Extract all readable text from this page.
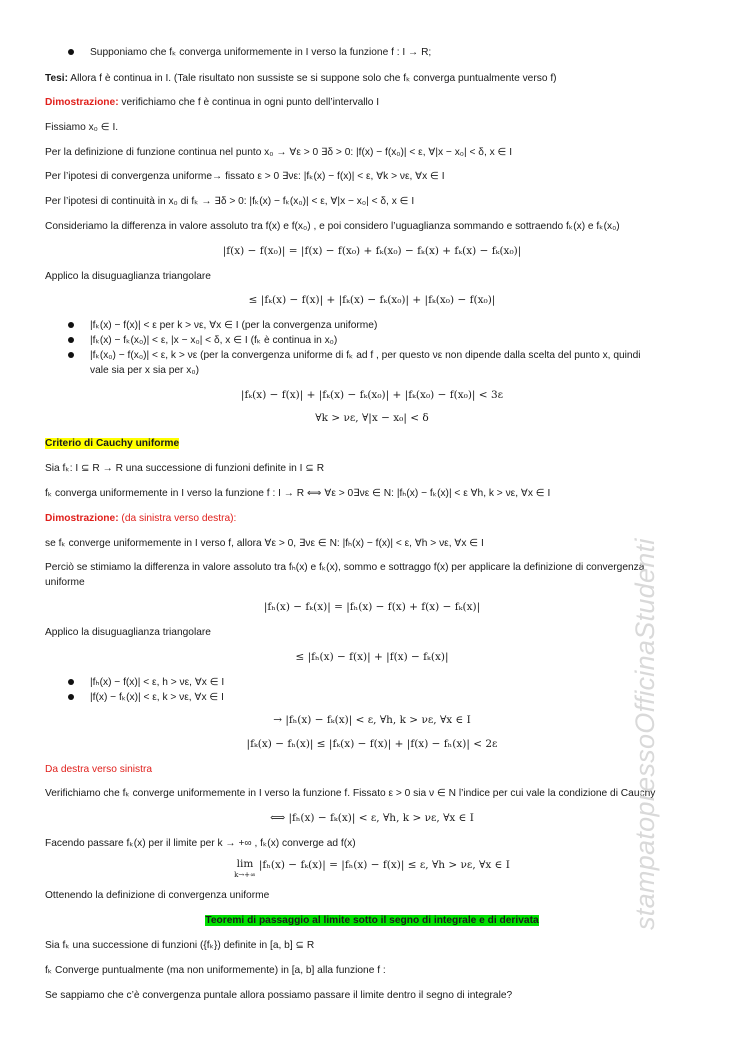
Supponiamo che fₖ converga uniformemente in I verso la funzione f : I → R;
Tesi: Allora f è continua in I. (Tale risultato non sussiste se si suppone solo che fₖ converga puntualmente verso f)
Dimostrazione: verifichiamo che f è continua in ogni punto dell’intervallo I
Fissiamo x₀ ∈ I.
Per la definizione di funzione continua nel punto x₀ → ∀ε > 0 ∃δ > 0: |f(x) − f(x₀)| < ε, ∀|x − x₀| < δ, x ∈ I
Per l’ipotesi di convergenza uniforme→ fissato ε > 0 ∃νε: |fₖ(x) − f(x)| < ε, ∀k > νε, ∀x ∈ I
Per l’ipotesi di continuità in x₀ di fₖ → ∃δ > 0: |fₖ(x) − fₖ(x₀)| < ε, ∀|x − x₀| < δ, x ∈ I
Consideriamo la differenza in valore assoluto tra f(x) e f(x₀) , e poi considero l’uguaglianza sommando e sottraendo fₖ(x) e fₖ(x₀)
|f(x) − f(x₀)| = |f(x) − f(x₀) + fₖ(x₀) − fₖ(x) + fₖ(x) − fₖ(x₀)|
Applico la disuguaglianza triangolare
≤ |fₖ(x) − f(x)| + |fₖ(x) − fₖ(x₀)| + |fₖ(x₀) − f(x₀)|
|fₖ(x) − f(x)| < ε per k > νε, ∀x ∈ I (per la convergenza uniforme)
|fₖ(x) − fₖ(x₀)| < ε, |x − x₀| < δ, x ∈ I (fₖ è continua in x₀)
|fₖ(x₀) − f(x₀)| < ε, k > νε (per la convergenza uniforme di fₖ ad f , per questo νε non dipende dalla scelta del punto x, quindi
vale sia per x sia per x₀)
|fₖ(x) − f(x)| + |fₖ(x) − fₖ(x₀)| + |fₖ(x₀) − f(x₀)| < 3ε
∀k > νε, ∀|x − x₀| < δ
Criterio di Cauchy uniforme
Sia fₖ: I ⊆ R → R una successione di funzioni definite in I ⊆ R
fₖ converga uniformemente in I verso la funzione f : I → R ⟺ ∀ε > 0∃νε ∈ N: |fₕ(x) − fₖ(x)| < ε ∀h, k > νε, ∀x ∈ I
Dimostrazione: (da sinistra verso destra):
se fₖ converge uniformemente in I verso f, allora ∀ε > 0, ∃νε ∈ N: |fₕ(x) − f(x)| < ε, ∀h > νε, ∀x ∈ I
Perciò se stimiamo la differenza in valore assoluto tra fₕ(x) e fₖ(x), sommo e sottraggo f(x) per applicare la definizione di convergenza
uniforme
|fₕ(x) − fₖ(x)| = |fₕ(x) − f(x) + f(x) − fₖ(x)|
Applico la disuguaglianza triangolare
≤ |fₕ(x) − f(x)| + |f(x) − fₖ(x)|
|fₕ(x) − f(x)| < ε, h > νε, ∀x ∈ I
|f(x) − fₖ(x)| < ε, k > νε, ∀x ∈ I
→ |fₕ(x) − fₖ(x)| < ε, ∀h, k > νε, ∀x ∈ I
|fₖ(x) − fₕ(x)| ≤ |fₖ(x) − f(x)| + |f(x) − fₕ(x)| < 2ε
Da destra verso sinistra
Verifichiamo che fₖ converge uniformemente in I verso la funzione f. Fissato ε > 0 sia ν ∈ N l’indice per cui vale la condizione di Cauchy
⟺ |fₕ(x) − fₖ(x)| < ε, ∀h, k > νε, ∀x ∈ I
Facendo passare fₖ(x) per il limite per k → +∞ , fₖ(x) converge ad f(x)
lim
k→+∞
|fₕ(x) − fₖ(x)| = |fₕ(x) − f(x)| ≤ ε, ∀h > νε, ∀x ∈ I
Ottenendo la definizione di convergenza uniforme
Teoremi di passaggio al limite sotto il segno di integrale e di derivata
Sia fₖ una successione di funzioni ({fₖ}) definite in [a, b] ⊆ R
fₖ Converge puntualmente (ma non uniformemente) in [a, b] alla funzione f :
Se sappiamo che c’è convergenza puntale allora possiamo passare il limite dentro il segno di integrale?
stampatopressoOfficinaStudenti
